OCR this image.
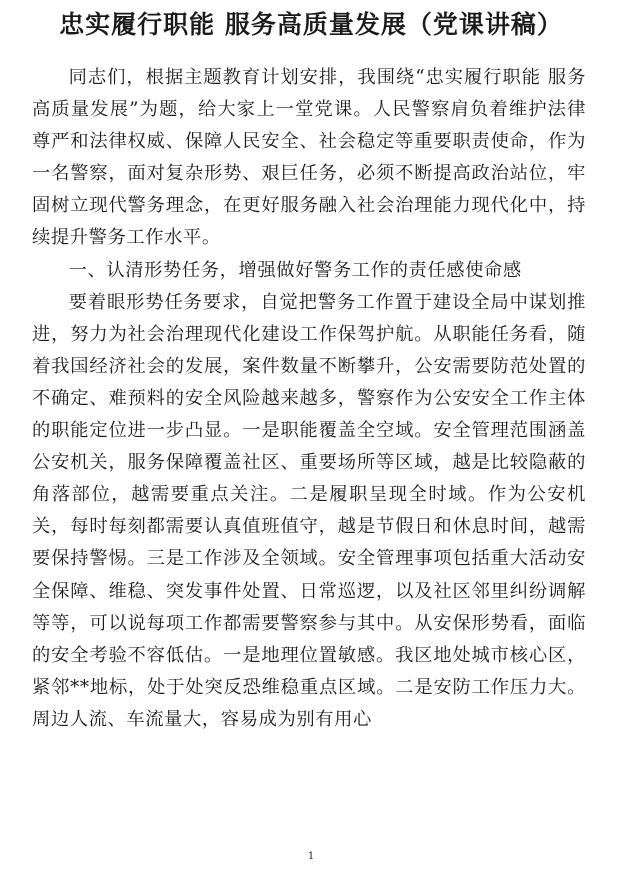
忠实履行职能 服务高质量发展（党课讲稿）

同志们，根据主题教育计划安排，我围绕“忠实履行职能 服务高质量发展”为题，给大家上一堂党课。人民警察肩负着维护法律尊严和法律权威、保障人民安全、社会稳定等重要职责使命，作为一名警察，面对复杂形势、艰巨任务，必须不断提高政治站位，牢固树立现代警务理念，在更好服务融入社会治理能力现代化中，持续提升警务工作水平。

一、认清形势任务，增强做好警务工作的责任感使命感

要着眼形势任务要求，自觉把警务工作置于建设全局中谋划推进，努力为社会治理现代化建设工作保驾护航。从职能任务看，随着我国经济社会的发展，案件数量不断攀升，公安需要防范处置的不确定、难预料的安全风险越来越多，警察作为公安安全工作主体的职能定位进一步凸显。一是职能覆盖全空域。安全管理范围涵盖公安机关，服务保障覆盖社区、重要场所等区域，越是比较隐蔽的角落部位，越需要重点关注。二是履职呈现全时域。作为公安机关，每时每刻都需要认真值班值守，越是节假日和休息时间，越需要保持警惕。三是工作涉及全领域。安全管理事项包括重大活动安全保障、维稳、突发事件处置、日常巡逻，以及社区邻里纠纷调解等等，可以说每项工作都需要警察参与其中。从安保形势看，面临的安全考验不容低估。一是地理位置敏感。我区地处城市核心区，紧邻**地标，处于处突反恐维稳重点区域。二是安防工作压力大。周边人流、车流量大，容易成为别有用心

1
